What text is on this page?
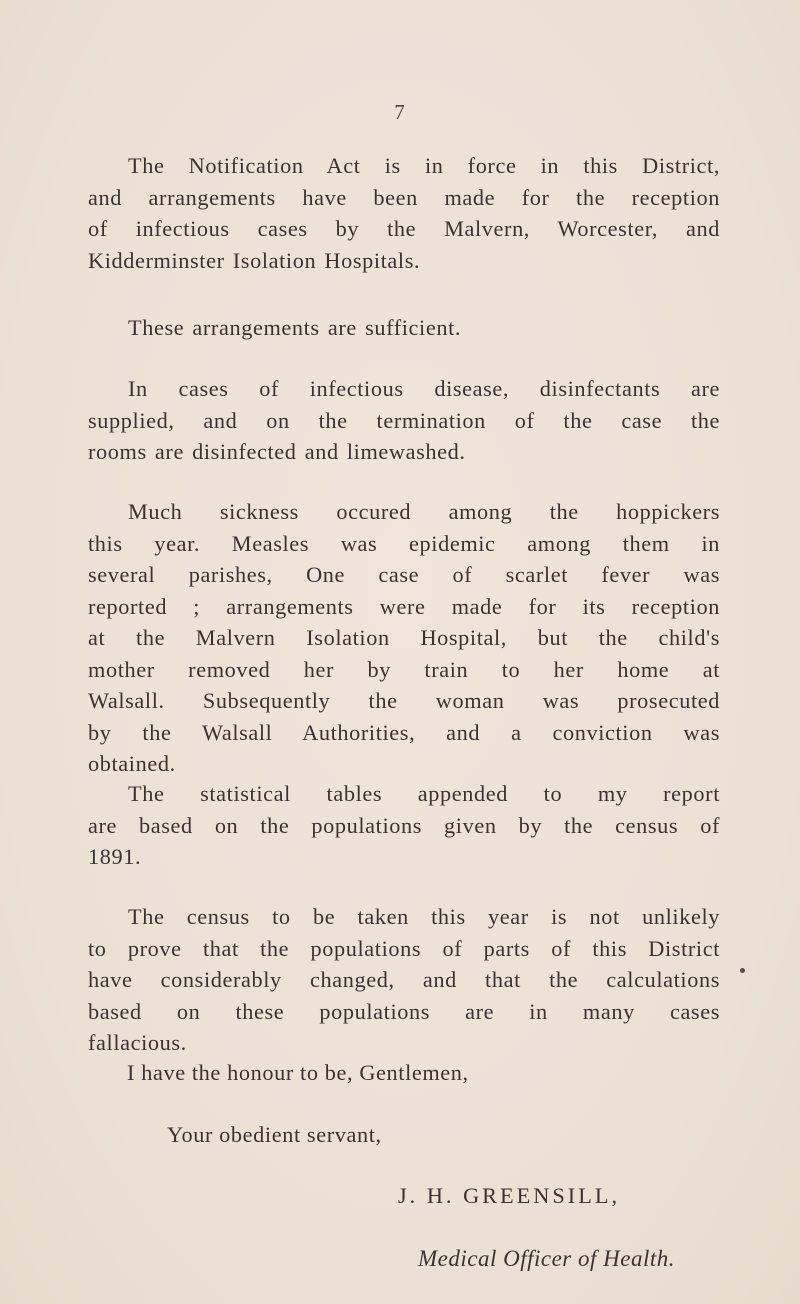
7
The Notification Act is in force in this District,
and arrangements have been made for the reception
of infectious cases by the Malvern, Worcester, and
Kidderminster Isolation Hospitals.
These arrangements are sufficient.
In cases of infectious disease, disinfectants are
supplied, and on the termination of the case the
rooms are disinfected and limewashed.
Much sickness occured among the hoppickers
this year. Measles was epidemic among them in
several parishes, One case of scarlet fever was
reported ; arrangements were made for its reception
at the Malvern Isolation Hospital, but the child's
mother removed her by train to her home at
Walsall. Subsequently the woman was prosecuted
by the Walsall Authorities, and a conviction was
obtained.
The statistical tables appended to my report
are based on the populations given by the census of
1891.
The census to be taken this year is not unlikely
to prove that the populations of parts of this District
have considerably changed, and that the calculations
based on these populations are in many cases
fallacious.
I have the honour to be, Gentlemen,
Your obedient servant,
J. H. GREENSILL,
Medical Officer of Health.
